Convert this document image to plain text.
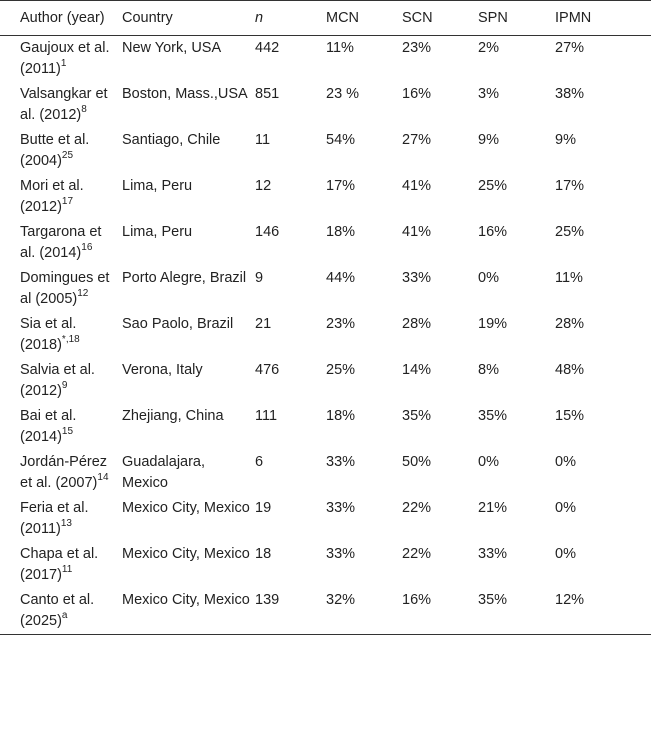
Author (year)	Country	n	MCN	SCN	SPN	IPMN
Gaujoux et al. $(2011)^1$	New York, USA	442	11%	23%	2%	27%
Valsangkar et al. $(2012)^8$	Boston, Mass.,USA	851	23 %	16%	3%	38%
Butte et al. $(2004)^{25}$	Santiago, Chile	11	54%	27%	9%	9%
Mori et al. $(2012)^{17}$	Lima, Peru	12	17%	41%	25%	17%
Targarona et al. $(2014)^{16}$	Lima, Peru	146	18%	41%	16%	25%
Domingues et al $(2005)^{12}$	Porto Alegre, Brazil	9	44%	33%	0%	11%
Sia et al. $(2018)^{*,18}$	Sao Paolo, Brazil	21	23%	28%	19%	28%
Salvia et al. $(2012)^9$	Verona, Italy	476	25%	14%	8%	48%
Bai et al. $(2014)^{15}$	Zhejiang, China	111	18%	35%	35%	15%
Jordán-Pérez et al. $(2007)^{14}$	Guadalajara, Mexico	6	33%	50%	0%	0%
Feria et al. $(2011)^{13}$	Mexico City, Mexico	19	33%	22%	21%	0%
Chapa et al. $(2017)^{11}$	Mexico City, Mexico	18	33%	22%	33%	0%
Canto et al. $(2025)^a$	Mexico City, Mexico	139	32%	16%	35%	12%
